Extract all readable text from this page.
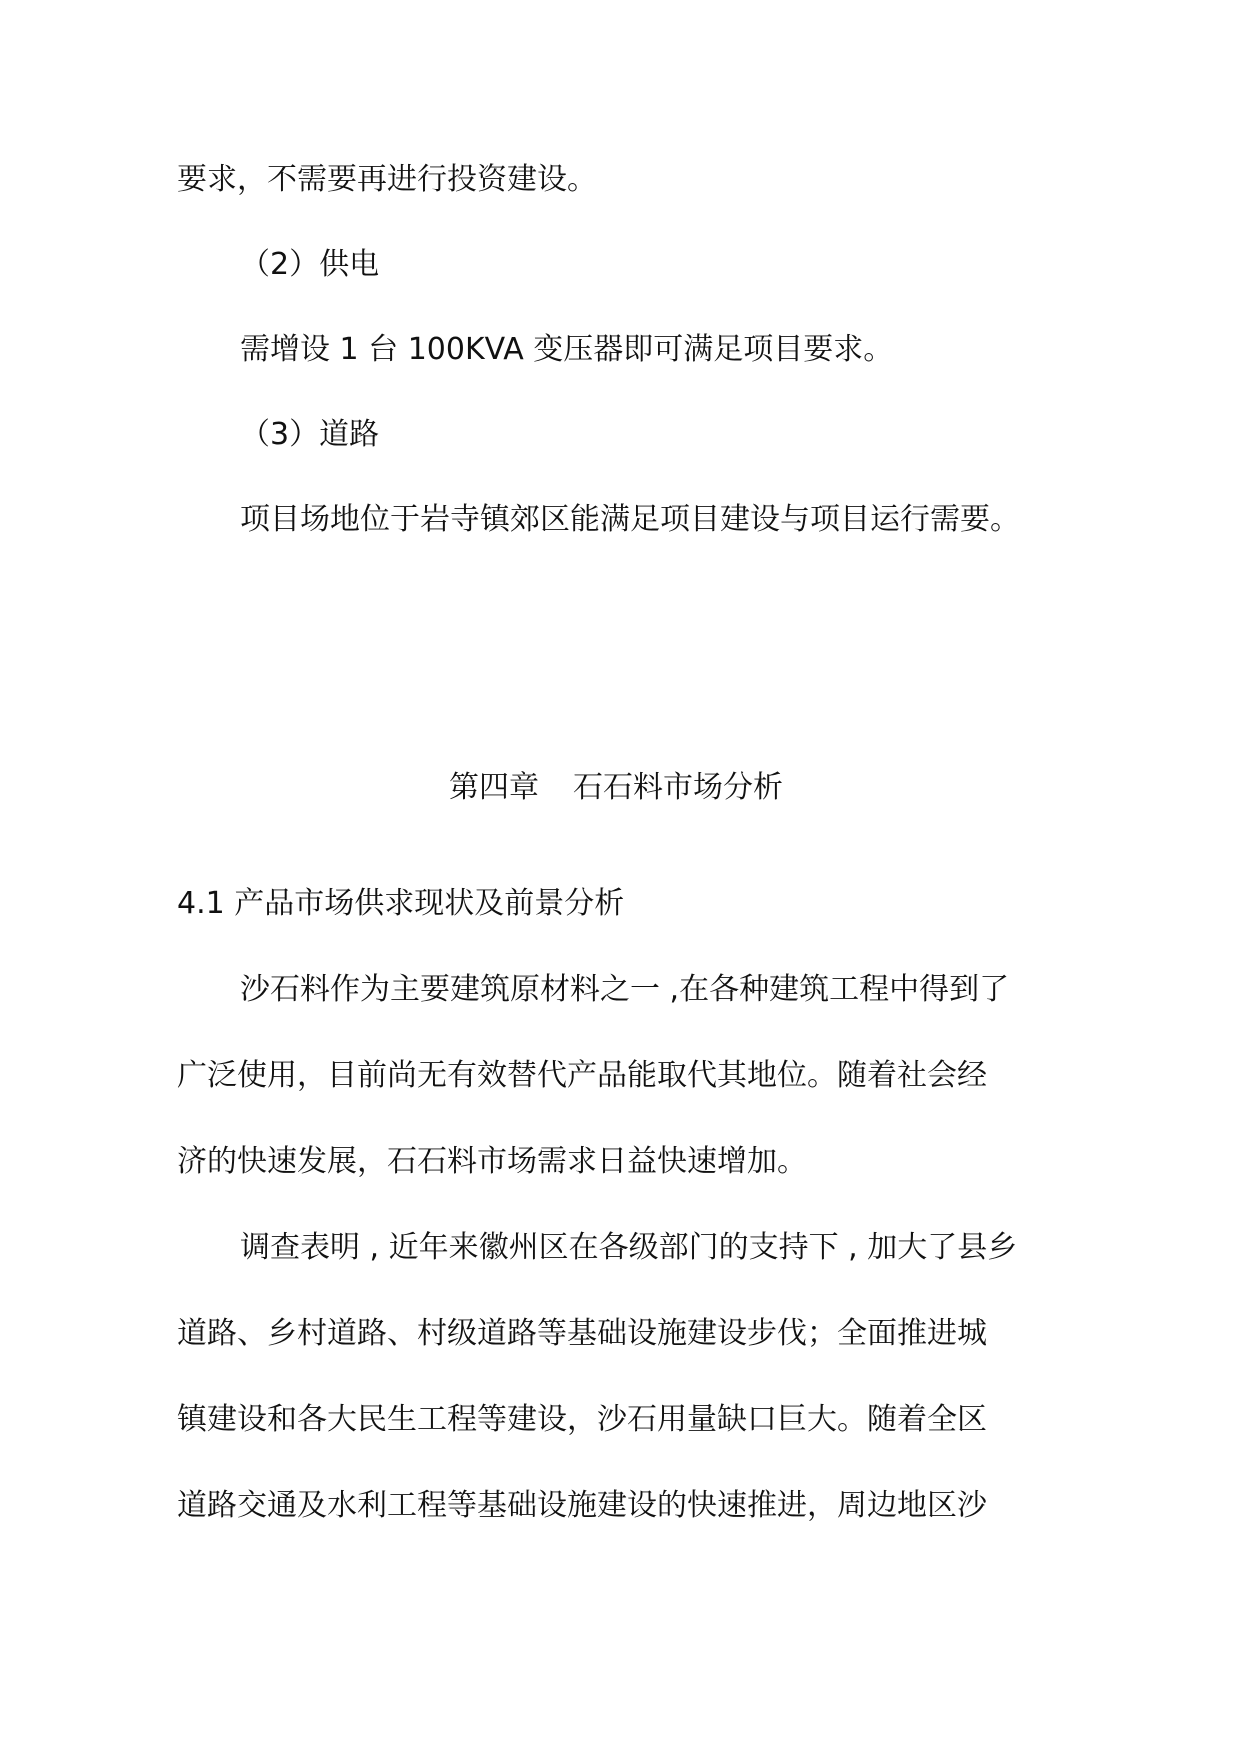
要求，不需要再进行投资建设。
（2）供电
需增设 1 台 100KVA 变压器即可满足项目要求。
（3）道路
项目场地位于岩寺镇郊区能满足项目建设与项目运行需要。
第四章 石石料市场分析
4.1 产品市场供求现状及前景分析
沙石料作为主要建筑原材料之一 ,在各种建筑工程中得到了
广泛使用，目前尚无有效替代产品能取代其地位。随着社会经
济的快速发展，石石料市场需求日益快速增加。
调查表明 , 近年来徽州区在各级部门的支持下 , 加大了县乡
道路、乡村道路、村级道路等基础设施建设步伐；全面推进城
镇建设和各大民生工程等建设，沙石用量缺口巨大。随着全区
道路交通及水利工程等基础设施建设的快速推进，周边地区沙
